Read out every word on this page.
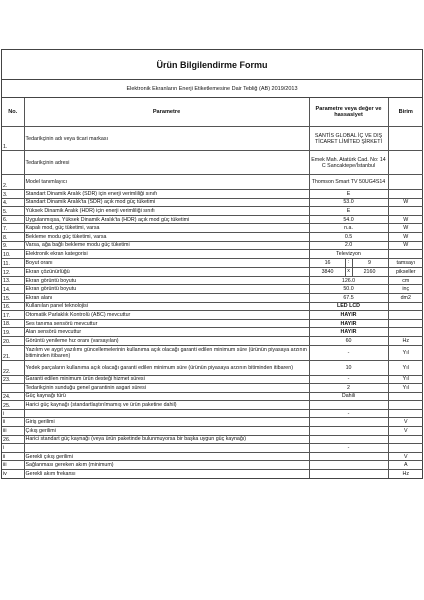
Ürün Bilgilendirme Formu
Elektronik Ekranların Enerji Etiketlemesine Dair Tebliğ (AB) 2019/2013
No.	Parametre	Parametre veya değer ve hassasiyet	Birim
1.	Tedarikçinin adı veya ticari markası	SANTİS GLOBAL İÇ VE DIŞ TİCARET LİMİTED ŞİRKETİ	
	Tedarikçinin adresi	Emek Mah. Atatürk Cad. No: 14 C Sancaktepe/İstanbul	
2.	Model tanımlayıcı	Thomson Smart TV 50UG4S14	
3.	Standart Dinamik Aralık (SDR) için enerji verimliliği sınıfı	E	
4.	Standart Dinamik Aralık'ta (SDR) açık mod güç tüketimi	53.0	W
5.	Yüksek Dinamik Aralık (HDR) için enerji verimliliği sınıfı	E	
6.	Uygulanmışsa, Yüksek Dinamik Aralık'ta (HDR) açık mod güç tüketimi	54.0	W
7.	Kapalı mod, güç tüketimi, varsa	n.a.	W
8.	Bekleme modu güç tüketimi, varsa	0.5	W
9.	Varsa, ağa bağlı bekleme modu güç tüketimi	2.0	W
10.	Elektronik ekran kategorisi	Televizyon	
11.	Boyut oranı	16 : 9	tamsayı
12.	Ekran çözünürlüğü	3840 x 2160	pikseller
13.	Ekran görüntü boyutu	126.0	cm
14.	Ekran görüntü boyutu	50.0	inç
15.	Ekran alanı	67.5	dm2
16.	Kullanılan panel teknolojisi	LED LCD	
17.	Otomatik Parlaklık Kontrolü (ABC) mevcuttur	HAYIR	
18.	Ses tanıma sensörü mevcuttur	HAYIR	
19.	Alan sensörü mevcuttur	HAYIR	
20.	Görüntü yenileme hız oranı (varsayılan)	60	Hz
21.	Yazılım ve aygıt yazılımı güncellemelerinin kullanıma açık olacağı garanti edilen minimum süre (ürünün piyasaya arzının bitiminden itibaren)	-	Yıl
22.	Yedek parçaların kullanıma açık olacağı garanti edilen minimum süre (ürünün piyasaya arzının bitiminden itibaren)	10	Yıl
23.	Garanti edilen minimum ürün desteği hizmet süresi	-	Yıl
	Tedarikçinin sunduğu genel garantinin asgari süresi	2	Yıl
24.	Güç kaynağı türü	Dahili	
25.	Harici güç kaynağı (standartlaştırılmamış ve ürün paketine dahil)		
i		-	
ii	Giriş gerilimi		V
iii	Çıkış gerilimi		V
26.	Harici standart güç kaynağı (veya ürün paketinde bulunmuyorsa bir başka uygun güç kaynağı)		
i		-	
ii	Gerekli çıkış gerilimi		V
iii	Sağlanması gereken akım (minimum)		A
iv	Gerekli akım frekansı		Hz
